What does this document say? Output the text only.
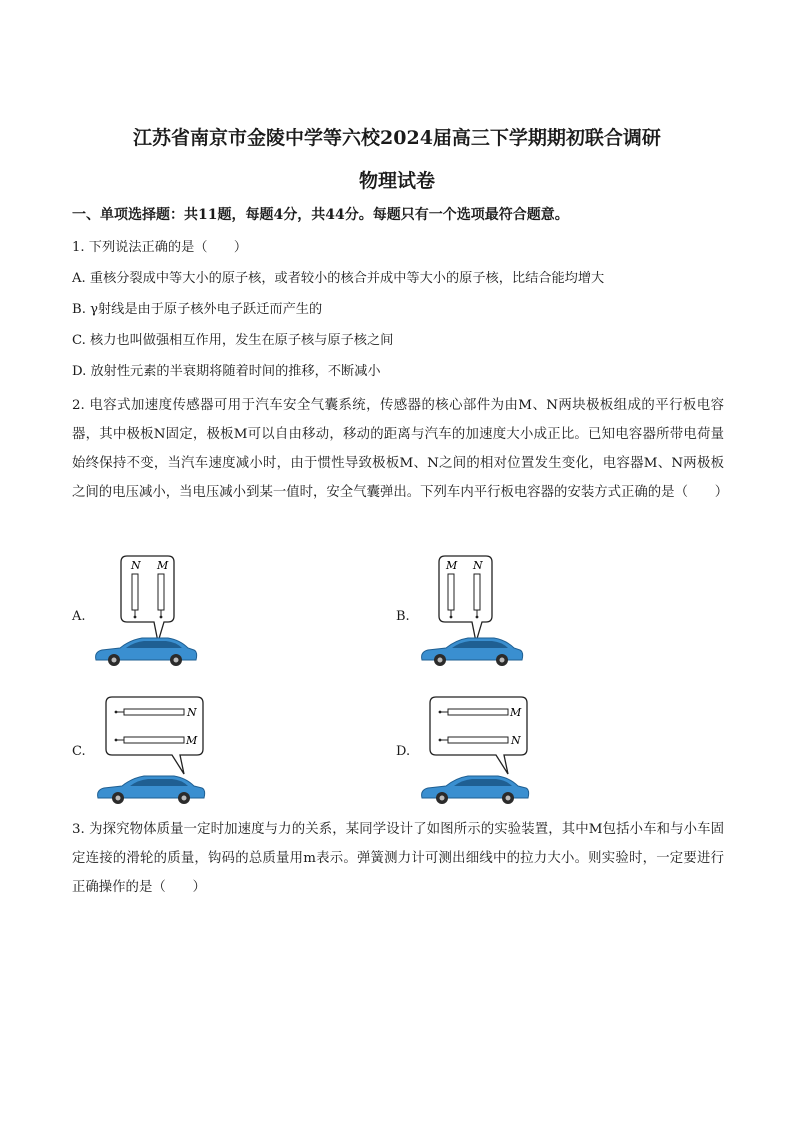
江苏省南京市金陵中学等六校2024届高三下学期期初联合调研
物理试卷
一、单项选择题：共11题，每题4分，共44分。每题只有一个选项最符合题意。
1. 下列说法正确的是（　　）
A. 重核分裂成中等大小的原子核，或者较小的核合并成中等大小的原子核，比结合能均增大
B. γ射线是由于原子核外电子跃迁而产生的
C. 核力也叫做强相互作用，发生在原子核与原子核之间
D. 放射性元素的半衰期将随着时间的推移，不断减小
2. 电容式加速度传感器可用于汽车安全气囊系统，传感器的核心部件为由M、N两块极板组成的平行板电容器，其中极板N固定，极板M可以自由移动，移动的距离与汽车的加速度大小成正比。已知电容器所带电荷量始终保持不变，当汽车速度减小时，由于惯性导致极板M、N之间的相对位置发生变化，电容器M、N两极板之间的电压减小，当电压减小到某一值时，安全气囊弹出。下列车内平行板电容器的安装方式正确的是（　　）
A.
N M
B.
M N
C.
N
M
D.
M
N
3. 为探究物体质量一定时加速度与力的关系，某同学设计了如图所示的实验装置，其中M包括小车和与小车固定连接的滑轮的质量，钩码的总质量用m表示。弹簧测力计可测出细线中的拉力大小。则实验时，一定要进行正确操作的是（　　）
